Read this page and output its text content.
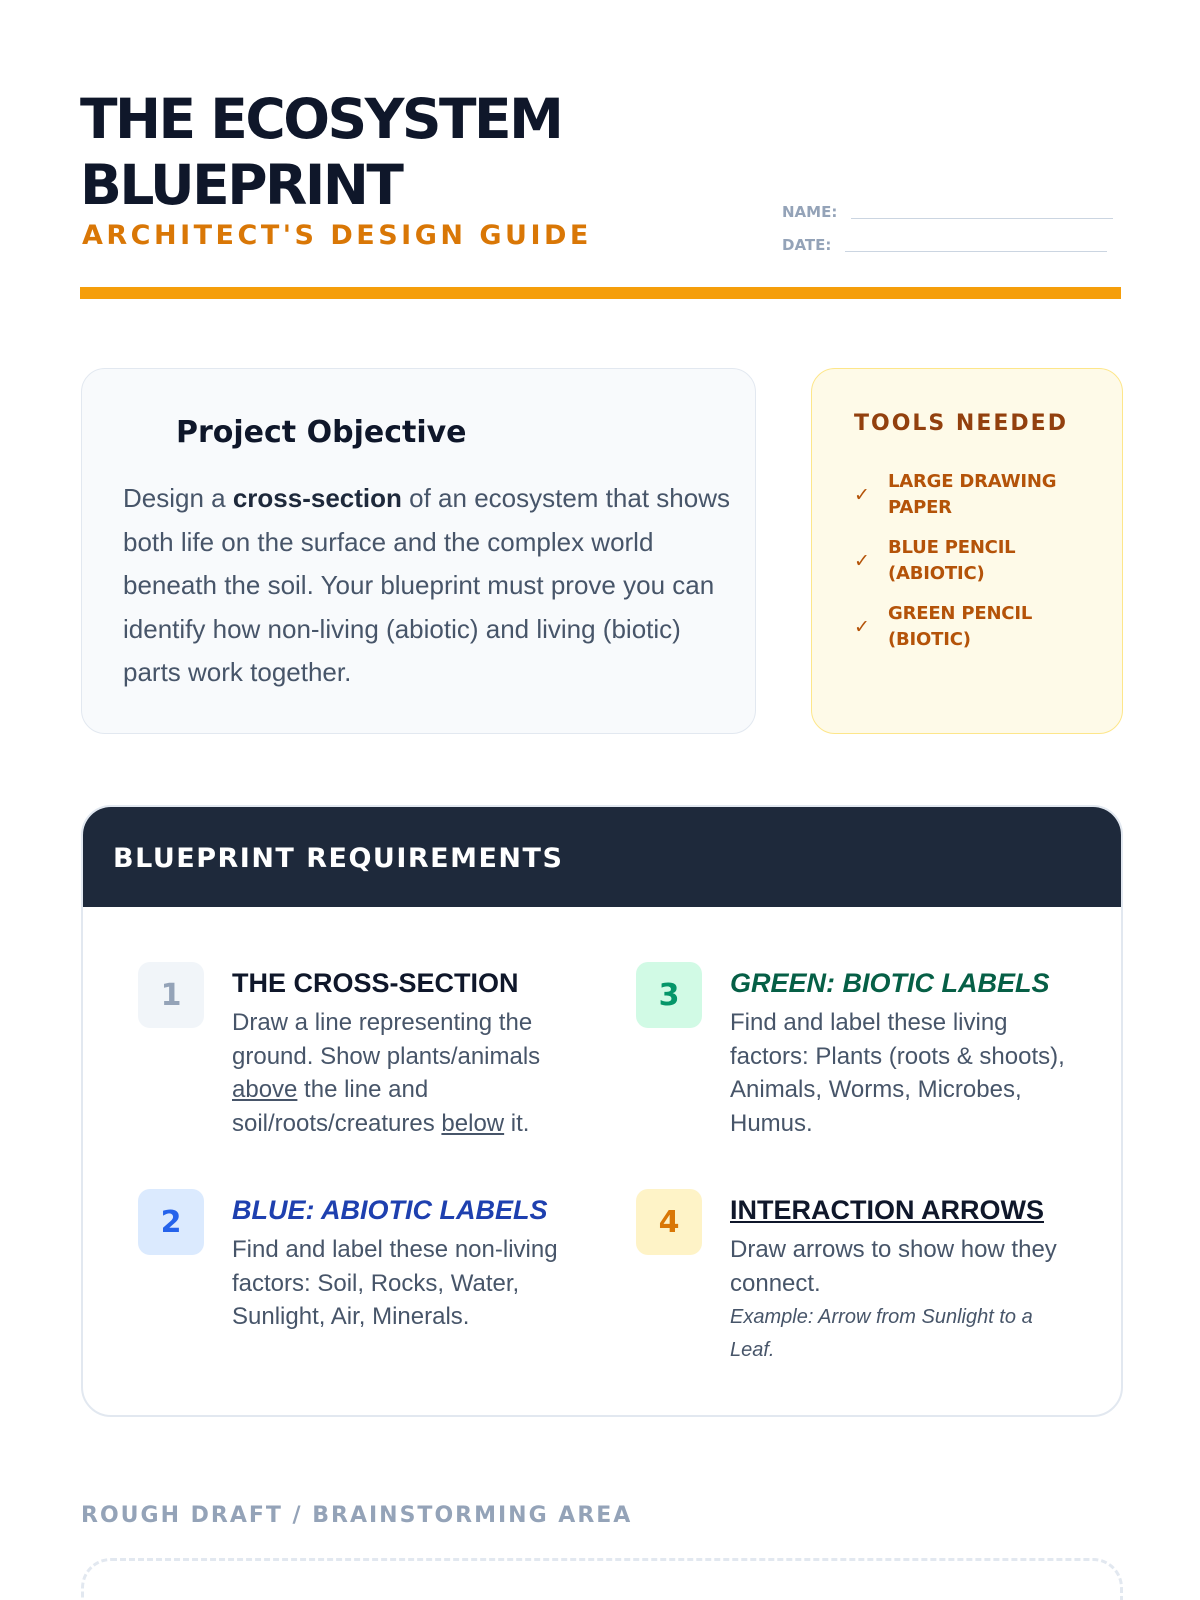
THE ECOSYSTEM BLUEPRINT
ARCHITECT'S DESIGN GUIDE
NAME:
DATE:
Project Objective

Design a cross-section of an ecosystem that shows both life on the surface and the complex world beneath the soil. Your blueprint must prove you can identify how non-living (abiotic) and living (biotic) parts work together.

TOOLS NEEDED
✓
LARGE DRAWING PAPER
✓
BLUE PENCIL (ABIOTIC)
✓
GREEN PENCIL (BIOTIC)
BLUEPRINT REQUIREMENTS
1	THE CROSS-SECTION

Draw a line representing the ground. Show plants/animals above the line and soil/roots/creatures below it.

2	BLUE: ABIOTIC LABELS

Find and label these non-living factors: Soil, Rocks, Water, Sunlight, Air, Minerals.

3	GREEN: BIOTIC LABELS

Find and label these living factors: Plants (roots & shoots), Animals, Worms, Microbes, Humus.

4	INTERACTION ARROWS

Draw arrows to show how they connect.

Example: Arrow from Sunlight to a Leaf.

ROUGH DRAFT / BRAINSTORMING AREA
